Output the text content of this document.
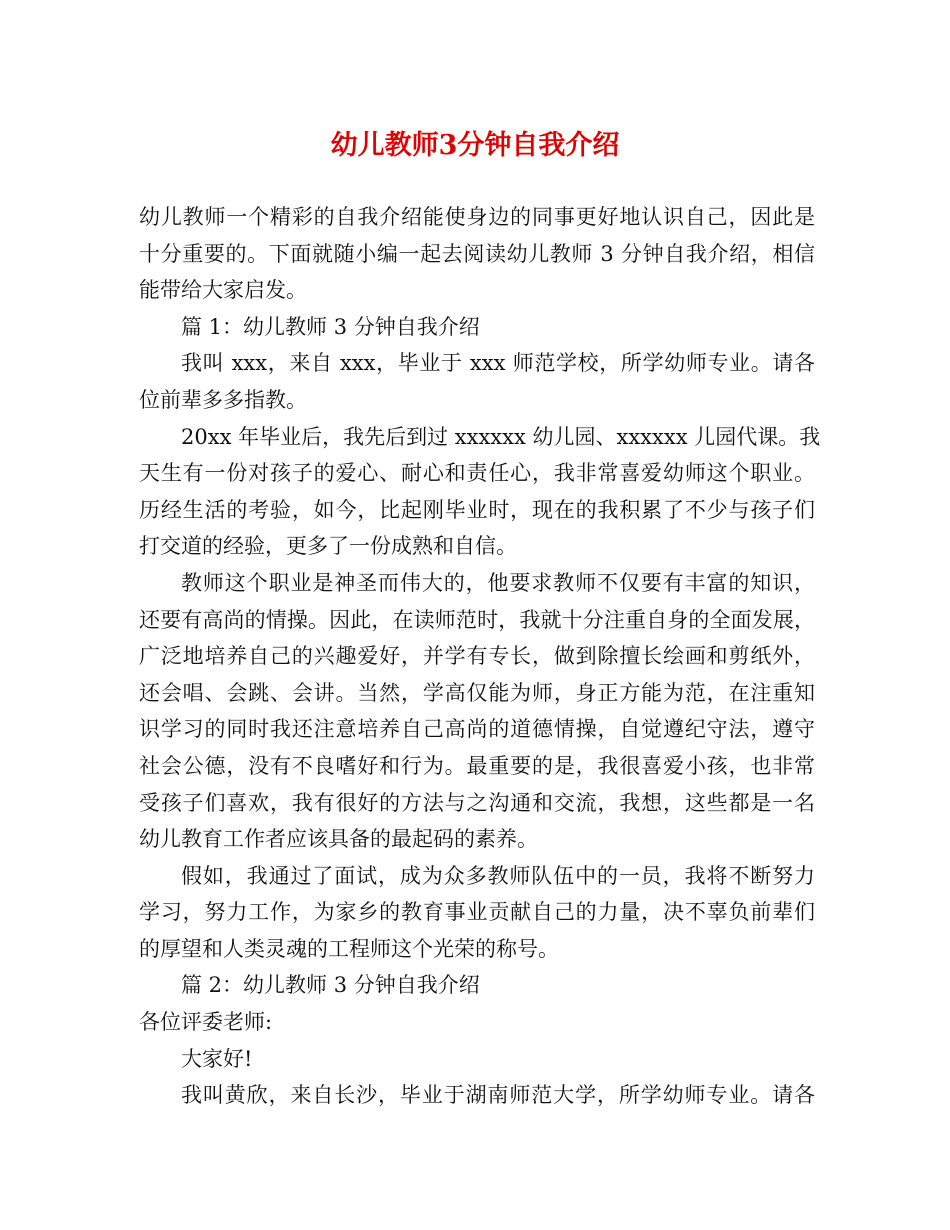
幼儿教师3分钟自我介绍
幼儿教师一个精彩的自我介绍能使身边的同事更好地认识自己，因此是
十分重要的。下面就随小编一起去阅读幼儿教师 3 分钟自我介绍，相信
能带给大家启发。
篇 1：幼儿教师 3 分钟自我介绍
我叫 xxx，来自 xxx，毕业于 xxx 师范学校，所学幼师专业。请各
位前辈多多指教。
20xx 年毕业后，我先后到过 xxxxxx 幼儿园、xxxxxx 儿园代课。我
天生有一份对孩子的爱心、耐心和责任心，我非常喜爱幼师这个职业。
历经生活的考验，如今，比起刚毕业时，现在的我积累了不少与孩子们
打交道的经验，更多了一份成熟和自信。
教师这个职业是神圣而伟大的，他要求教师不仅要有丰富的知识，
还要有高尚的情操。因此，在读师范时，我就十分注重自身的全面发展，
广泛地培养自己的兴趣爱好，并学有专长，做到除擅长绘画和剪纸外，
还会唱、会跳、会讲。当然，学高仅能为师，身正方能为范，在注重知
识学习的同时我还注意培养自己高尚的道德情操，自觉遵纪守法，遵守
社会公德，没有不良嗜好和行为。最重要的是，我很喜爱小孩，也非常
受孩子们喜欢，我有很好的方法与之沟通和交流，我想，这些都是一名
幼儿教育工作者应该具备的最起码的素养。
假如，我通过了面试，成为众多教师队伍中的一员，我将不断努力
学习，努力工作，为家乡的教育事业贡献自己的力量，决不辜负前辈们
的厚望和人类灵魂的工程师这个光荣的称号。
篇 2：幼儿教师 3 分钟自我介绍
各位评委老师:
大家好!
我叫黄欣，来自长沙，毕业于湖南师范大学，所学幼师专业。请各
